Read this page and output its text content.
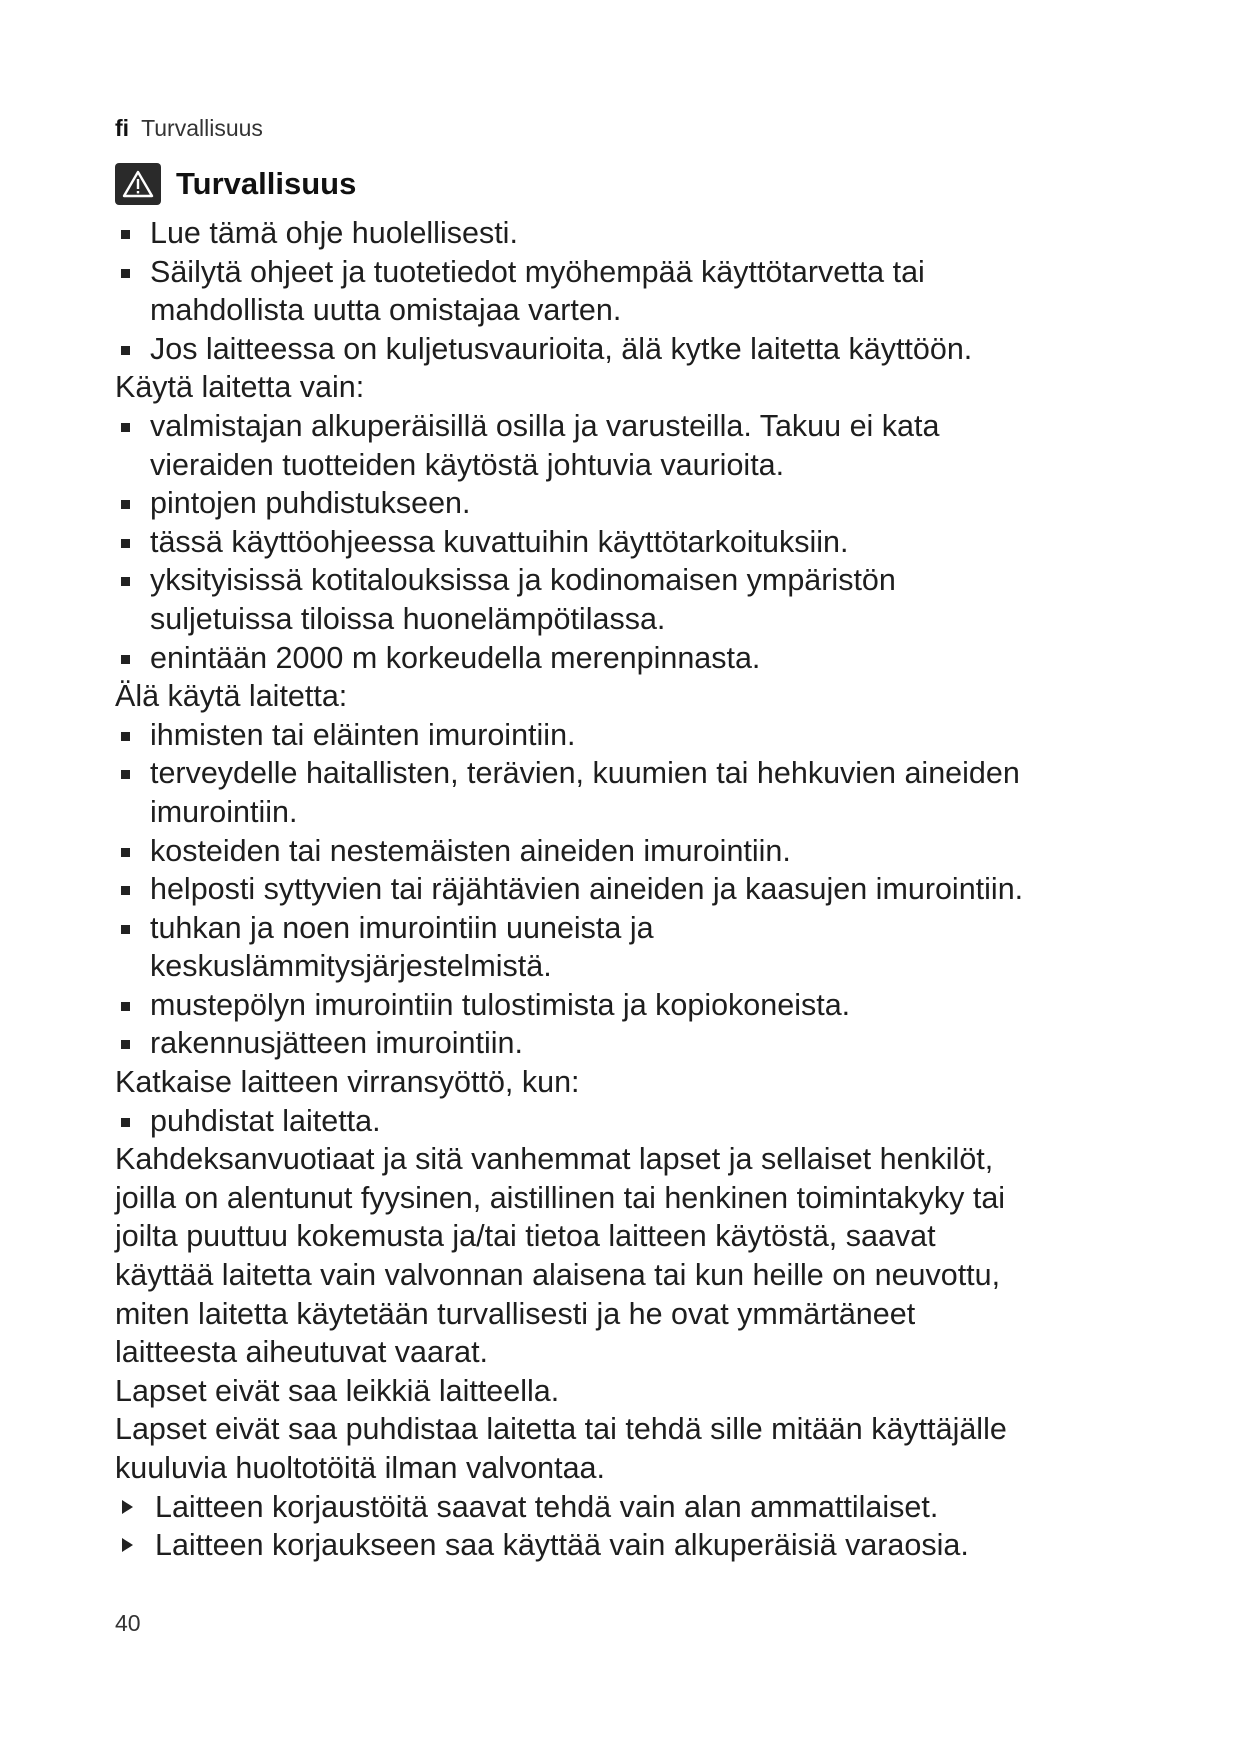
fi Turvallisuus
Turvallisuus
Lue tämä ohje huolellisesti.
Säilytä ohjeet ja tuotetiedot myöhempää käyttötarvetta tai
mahdollista uutta omistajaa varten.
Jos laitteessa on kuljetusvaurioita, älä kytke laitetta käyttöön.
Käytä laitetta vain:
valmistajan alkuperäisillä osilla ja varusteilla. Takuu ei kata
vieraiden tuotteiden käytöstä johtuvia vaurioita.
pintojen puhdistukseen.
tässä käyttöohjeessa kuvattuihin käyttötarkoituksiin.
yksityisissä kotitalouksissa ja kodinomaisen ympäristön
suljetuissa tiloissa huonelämpötilassa.
enintään 2000 m korkeudella merenpinnasta.
Älä käytä laitetta:
ihmisten tai eläinten imurointiin.
terveydelle haitallisten, terävien, kuumien tai hehkuvien aineiden
imurointiin.
kosteiden tai nestemäisten aineiden imurointiin.
helposti syttyvien tai räjähtävien aineiden ja kaasujen imurointiin.
tuhkan ja noen imurointiin uuneista ja
keskuslämmitysjärjestelmistä.
mustepölyn imurointiin tulostimista ja kopiokoneista.
rakennusjätteen imurointiin.
Katkaise laitteen virransyöttö, kun:
puhdistat laitetta.
Kahdeksanvuotiaat ja sitä vanhemmat lapset ja sellaiset henkilöt,
joilla on alentunut fyysinen, aistillinen tai henkinen toimintakyky tai
joilta puuttuu kokemusta ja/tai tietoa laitteen käytöstä, saavat
käyttää laitetta vain valvonnan alaisena tai kun heille on neuvottu,
miten laitetta käytetään turvallisesti ja he ovat ymmärtäneet
laitteesta aiheutuvat vaarat.
Lapset eivät saa leikkiä laitteella.
Lapset eivät saa puhdistaa laitetta tai tehdä sille mitään käyttäjälle
kuuluvia huoltotöitä ilman valvontaa.
Laitteen korjaustöitä saavat tehdä vain alan ammattilaiset.
Laitteen korjaukseen saa käyttää vain alkuperäisiä varaosia.
40
